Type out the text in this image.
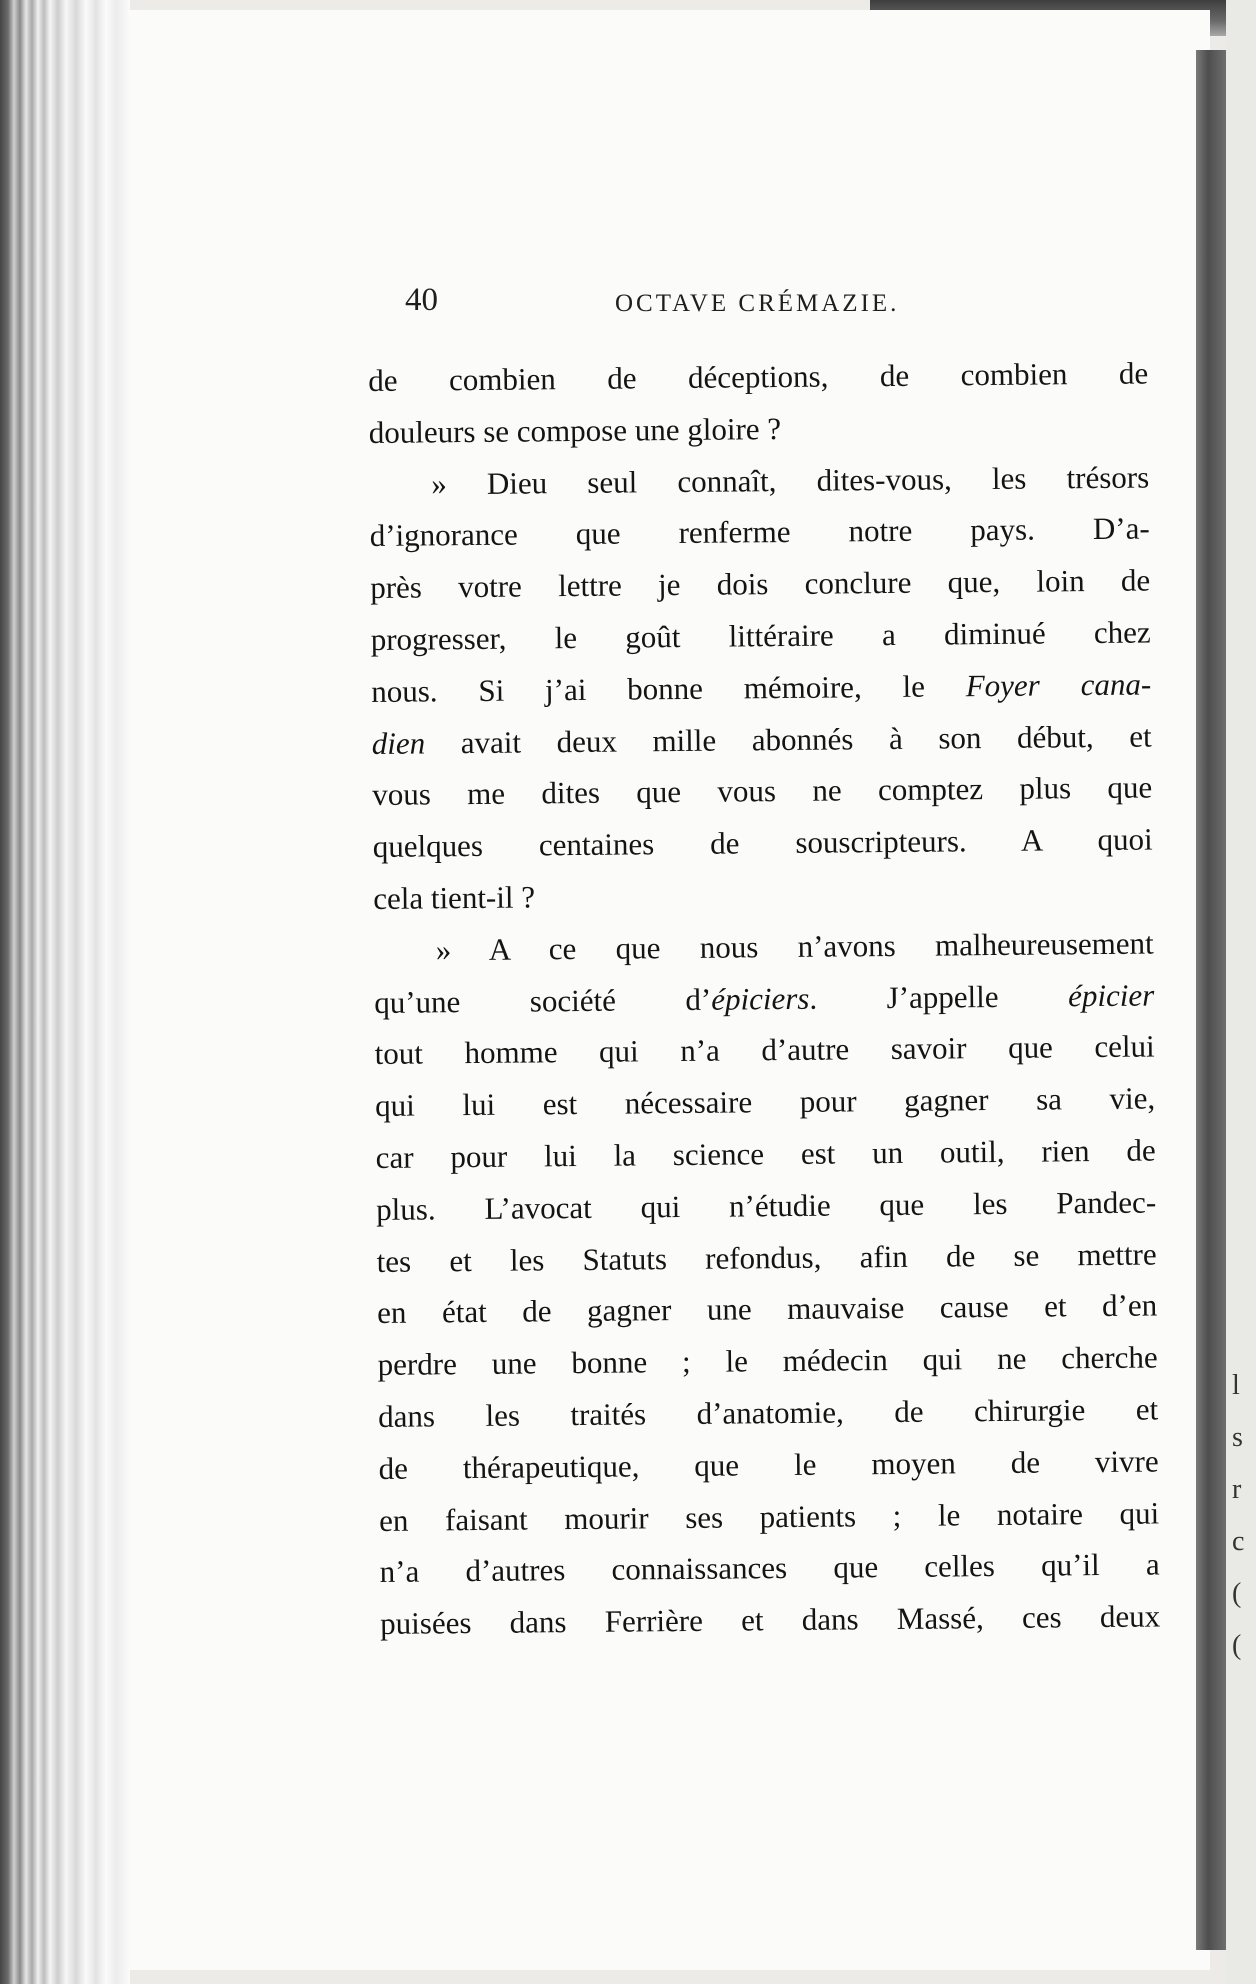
40	OCTAVE CRÉMAZIE.
de combien de déceptions, de combien de
douleurs se compose une gloire ?
» Dieu seul connaît, dites-vous, les trésors
d’ignorance que renferme notre pays. D’a-
près votre lettre je dois conclure que, loin de
progresser, le goût littéraire a diminué chez
nous. Si j’ai bonne mémoire, le Foyer cana-
dien avait deux mille abonnés à son début, et
vous me dites que vous ne comptez plus que
quelques centaines de souscripteurs. A quoi
cela tient-il ?
» A ce que nous n’avons malheureusement
qu’une société d’épiciers. J’appelle épicier
tout homme qui n’a d’autre savoir que celui
qui lui est nécessaire pour gagner sa vie,
car pour lui la science est un outil, rien de
plus. L’avocat qui n’étudie que les Pandec-
tes et les Statuts refondus, afin de se mettre
en état de gagner une mauvaise cause et d’en
perdre une bonne ; le médecin qui ne cherche
dans les traités d’anatomie, de chirurgie et
de thérapeutique, que le moyen de vivre
en faisant mourir ses patients ; le notaire qui
n’a d’autres connaissances que celles qu’il a
puisées dans Ferrière et dans Massé, ces deux
l
s
r
c
(
(
